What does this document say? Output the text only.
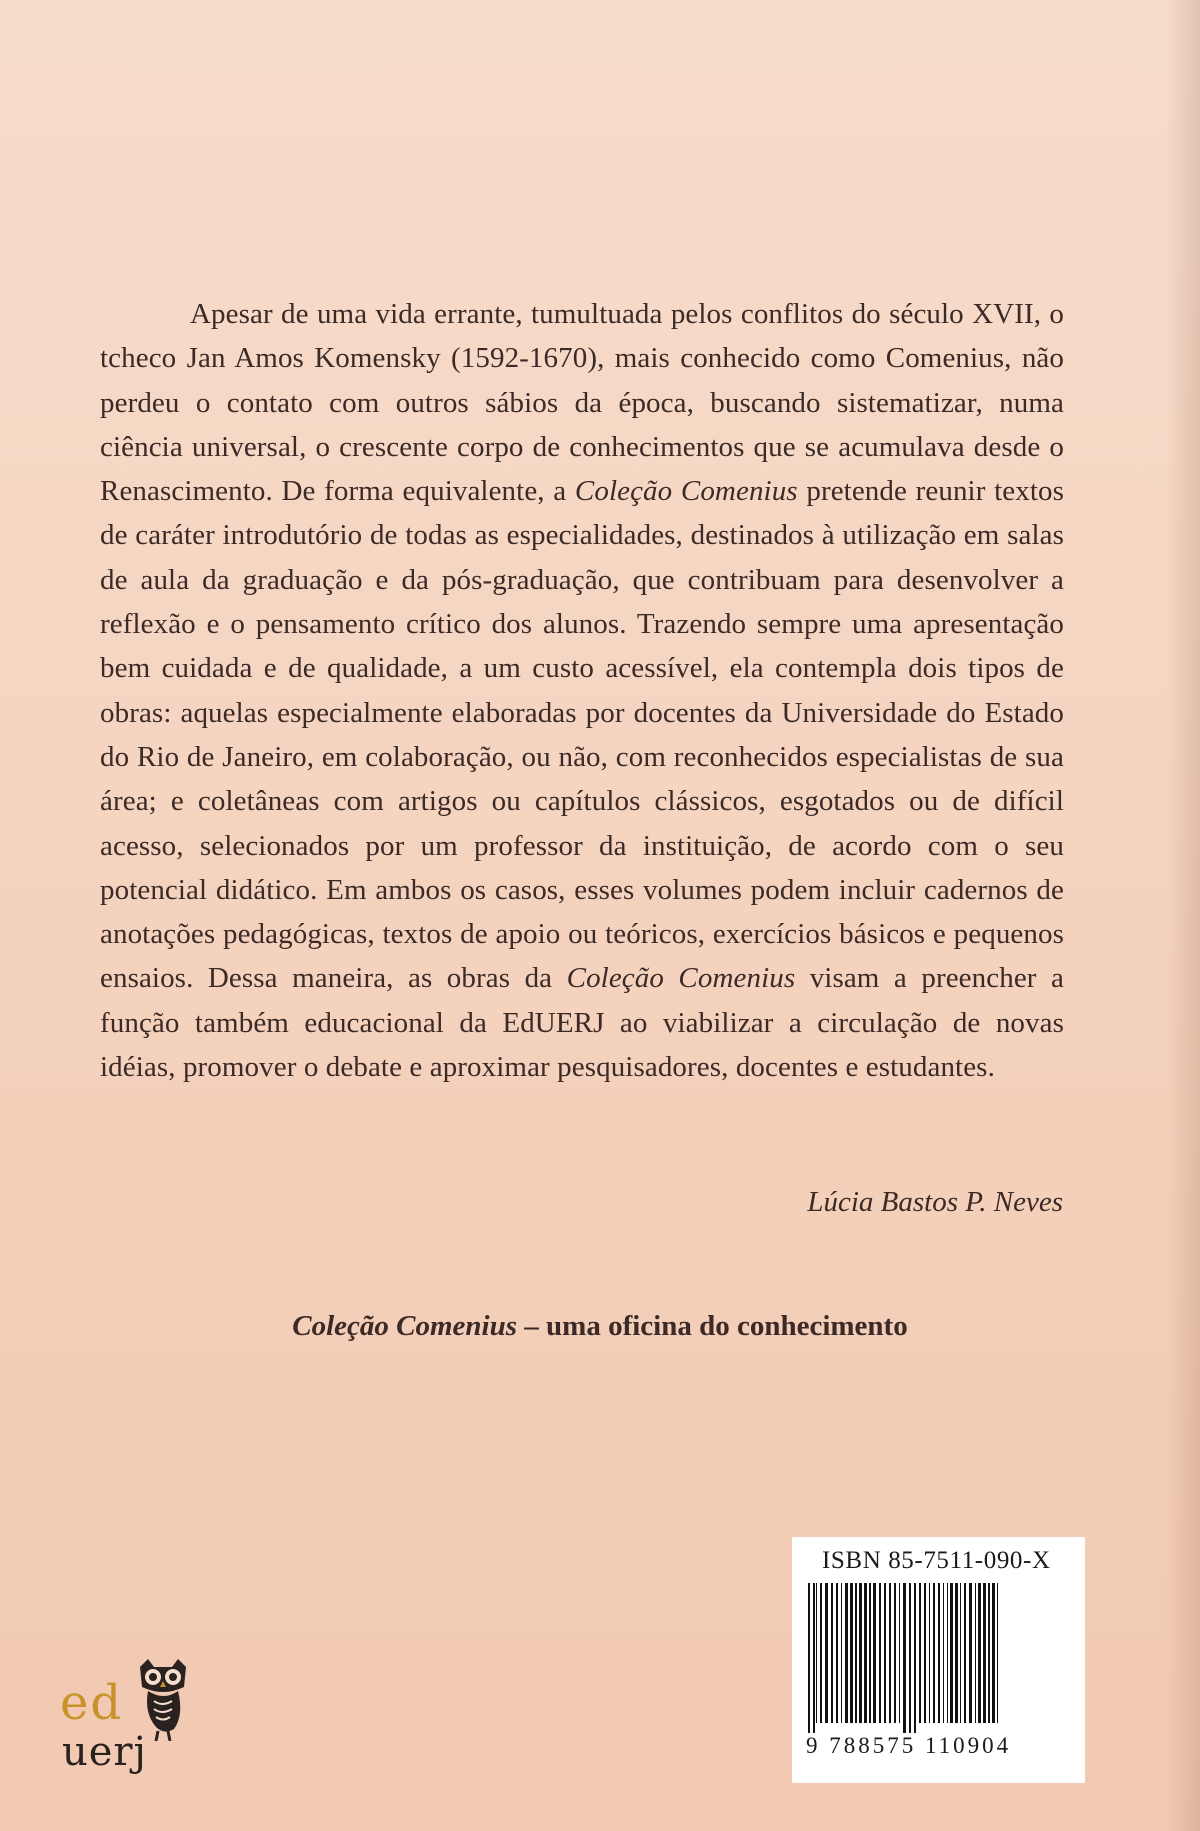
Apesar de uma vida errante, tumultuada pelos conflitos do século XVII, o tcheco Jan Amos Komensky (1592-1670), mais conhecido como Comenius, não perdeu o contato com outros sábios da época, buscando sistematizar, numa ciência universal, o crescente corpo de conhecimentos que se acumulava desde o Renascimento. De forma equivalente, a Coleção Comenius pretende reunir textos de caráter introdutório de todas as especialidades, destinados à utilização em salas de aula da graduação e da pós-graduação, que contribuam para desenvolver a reflexão e o pensamento crítico dos alunos. Trazendo sempre uma apresentação bem cuidada e de qualidade, a um custo acessível, ela contempla dois tipos de obras: aquelas especialmente elaboradas por docentes da Universidade do Estado do Rio de Janeiro, em colaboração, ou não, com reconhecidos especialistas de sua área; e coletâneas com artigos ou capítulos clássicos, esgotados ou de difícil acesso, selecionados por um professor da instituição, de acordo com o seu potencial didático. Em ambos os casos, esses volumes podem incluir cadernos de anotações pedagógicas, textos de apoio ou teóricos, exercícios básicos e pequenos ensaios. Dessa maneira, as obras da Coleção Comenius visam a preencher a função também educacional da EdUERJ ao viabilizar a circulação de novas idéias, promover o debate e aproximar pesquisadores, docentes e estudantes.

Lúcia Bastos P. Neves
Coleção Comenius – uma oficina do conhecimento
ISBN 85-7511-090-X
9 788575 110904
ed
uerj
